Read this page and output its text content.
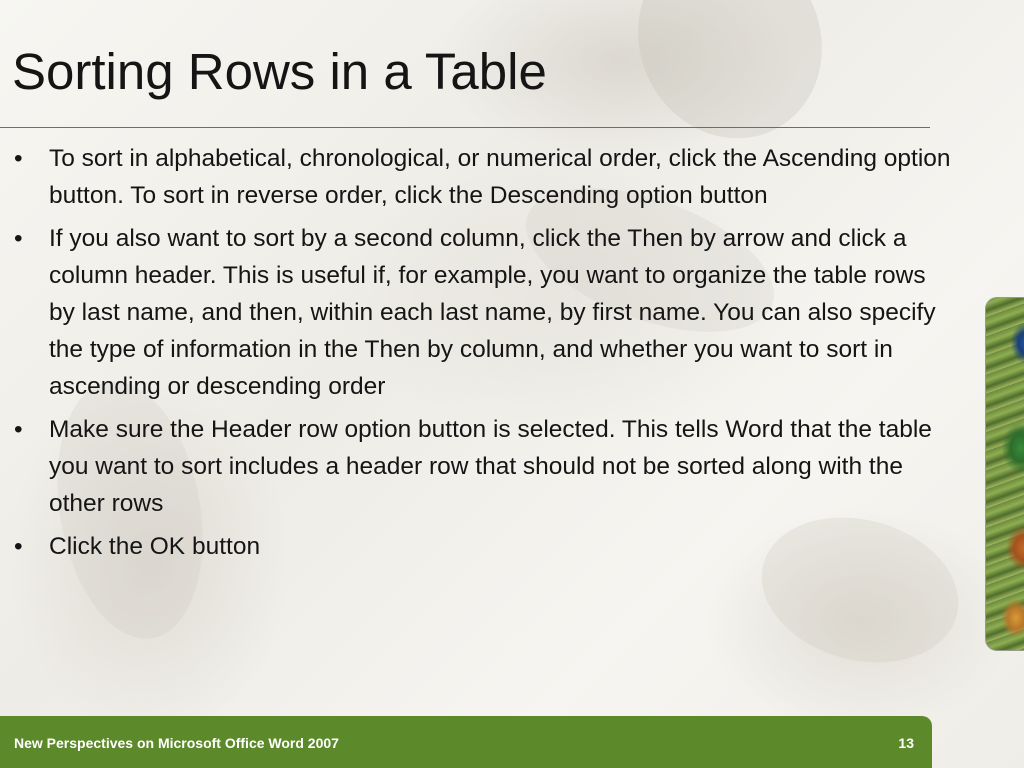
Sorting Rows in a Table
•	To sort in alphabetical, chronological, or numerical order, click the Ascending option button. To sort in reverse order, click the Descending option button
•	If you also want to sort by a second column, click the Then by arrow and click a column header. This is useful if, for example, you want to organize the table rows by last name, and then, within each last name, by first name. You can also specify the type of information in the Then by column, and whether you want to sort in ascending or descending order
•	Make sure the Header row option button is selected. This tells Word that the table you want to sort includes a header row that should not be sorted along with the other rows
•	Click the OK button
New Perspectives on Microsoft Office Word 2007	13
